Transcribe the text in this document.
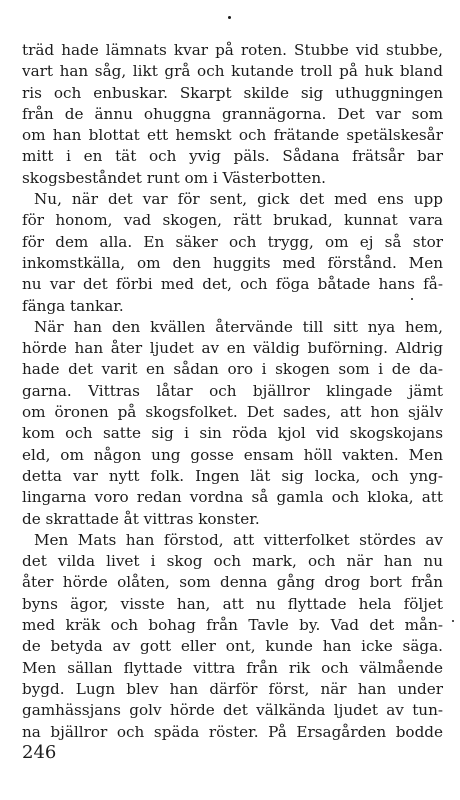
träd hade lämnats kvar på roten. Stubbe vid stubbe,
vart han såg, likt grå och kutande troll på huk bland
ris och enbuskar. Skarpt skilde sig uthuggningen
från de ännu ohuggna grannägorna. Det var som
om han blottat ett hemskt och frätande spetälskesår
mitt i en tät och yvig päls. Sådana frätsår bar
skogsbeståndet runt om i Västerbotten.
Nu, när det var för sent, gick det med ens upp
för honom, vad skogen, rätt brukad, kunnat vara
för dem alla. En säker och trygg, om ej så stor
inkomstkälla, om den huggits med förstånd. Men
nu var det förbi med det, och föga båtade hans få-
fänga tankar.
När han den kvällen återvände till sitt nya hem,
hörde han åter ljudet av en väldig buförning. Aldrig
hade det varit en sådan oro i skogen som i de da-
garna. Vittras låtar och bjällror klingade jämt
om öronen på skogsfolket. Det sades, att hon själv
kom och satte sig i sin röda kjol vid skogskojans
eld, om någon ung gosse ensam höll vakten. Men
detta var nytt folk. Ingen lät sig locka, och yng-
lingarna voro redan vordna så gamla och kloka, att
de skrattade åt vittras konster.
Men Mats han förstod, att vitterfolket stördes av
det vilda livet i skog och mark, och när han nu
åter hörde olåten, som denna gång drog bort från
byns ägor, visste han, att nu flyttade hela följet
med kräk och bohag från Tavle by. Vad det mån-
de betyda av gott eller ont, kunde han icke säga.
Men sällan flyttade vittra från rik och välmående
bygd. Lugn blev han därför först, när han under
gamhässjans golv hörde det välkända ljudet av tun-
na bjällror och späda röster. På Ersagården bodde
246
